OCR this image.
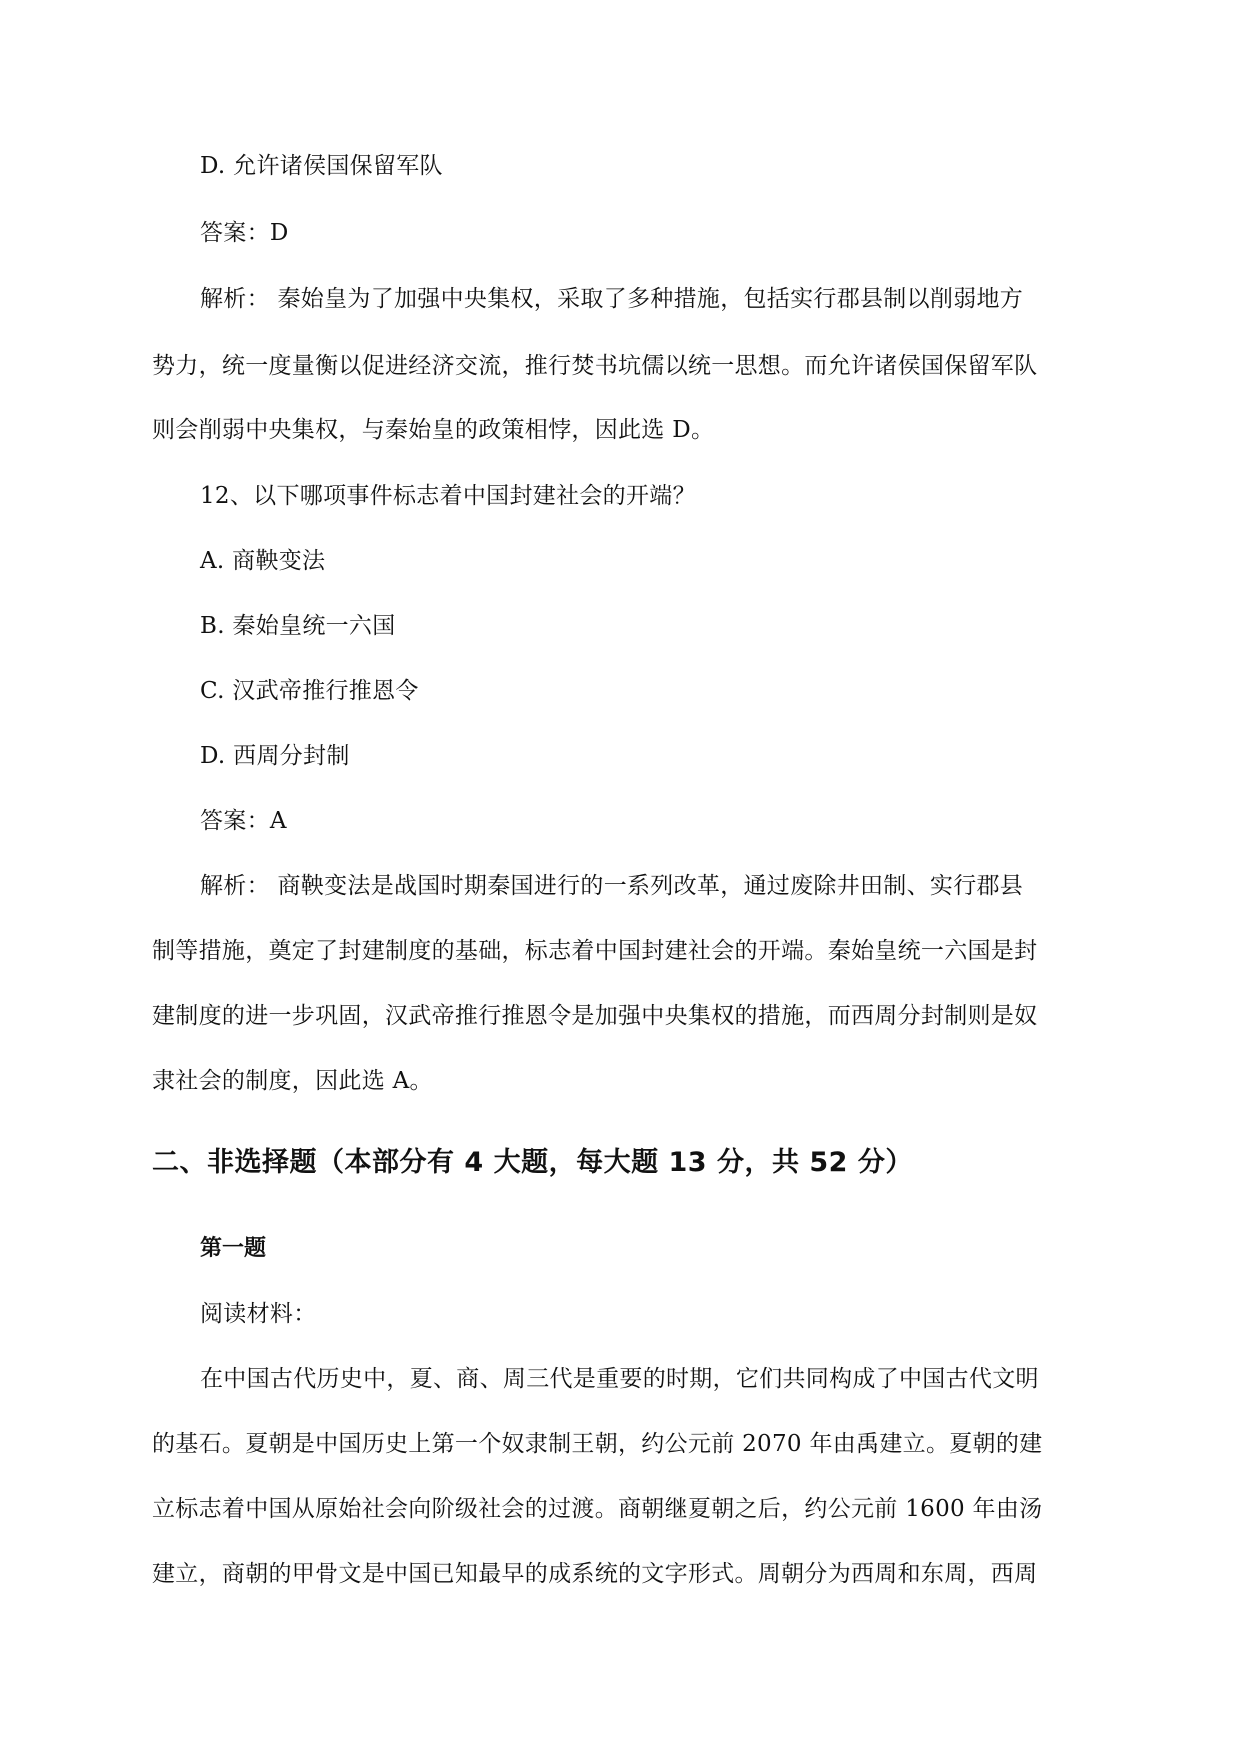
D. 允许诸侯国保留军队
答案：D
解析： 秦始皇为了加强中央集权，采取了多种措施，包括实行郡县制以削弱地方
势力，统一度量衡以促进经济交流，推行焚书坑儒以统一思想。而允许诸侯国保留军队
则会削弱中央集权，与秦始皇的政策相悖，因此选 D。
12、以下哪项事件标志着中国封建社会的开端？
A. 商鞅变法
B. 秦始皇统一六国
C. 汉武帝推行推恩令
D. 西周分封制
答案：A
解析： 商鞅变法是战国时期秦国进行的一系列改革，通过废除井田制、实行郡县
制等措施，奠定了封建制度的基础，标志着中国封建社会的开端。秦始皇统一六国是封
建制度的进一步巩固，汉武帝推行推恩令是加强中央集权的措施，而西周分封制则是奴
隶社会的制度，因此选 A。
二、非选择题（本部分有 4 大题，每大题 13 分，共 52 分）
第一题
阅读材料：
在中国古代历史中，夏、商、周三代是重要的时期，它们共同构成了中国古代文明
的基石。夏朝是中国历史上第一个奴隶制王朝，约公元前 2070 年由禹建立。夏朝的建
立标志着中国从原始社会向阶级社会的过渡。商朝继夏朝之后，约公元前 1600 年由汤
建立，商朝的甲骨文是中国已知最早的成系统的文字形式。周朝分为西周和东周，西周
